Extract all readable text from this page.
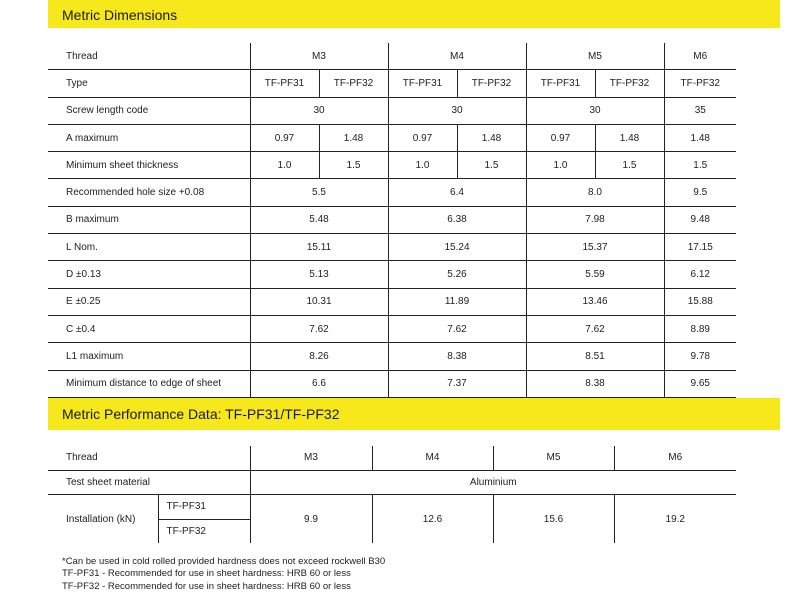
Metric Dimensions
Thread	M3		M4		M5		M6
Type	TF-PF31	TF-PF32	TF-PF31	TF-PF32	TF-PF31	TF-PF32	TF-PF32
Screw length code	30		30		30		35
A maximum	0.97	1.48	0.97	1.48	0.97	1.48	1.48
Minimum sheet thickness	1.0	1.5	1.0	1.5	1.0	1.5	1.5
Recommended hole size +0.08	5.5		6.4		8.0		9.5
B maximum	5.48		6.38		7.98		9.48
L Nom.	15.11		15.24		15.37		17.15
D ±0.13	5.13		5.26		5.59		6.12
E ±0.25	10.31		11.89		13.46		15.88
C ±0.4	7.62		7.62		7.62		8.89
L1 maximum	8.26		8.38		8.51		9.78
Minimum distance to edge of sheet	6.6		7.37		8.38		9.65
Metric Performance Data: TF-PF31/TF-PF32
Thread		M3	M4	M5	M6
Test sheet material		Aluminium			
Installation (kN)	TF-PF31	9.9	12.6	15.6	19.2
	TF-PF32				
*Can be used in cold rolled provided hardness does not exceed rockwell B30
TF-PF31 - Recommended for use in sheet hardness: HRB 60 or less
TF-PF32 - Recommended for use in sheet hardness: HRB 60 or less
